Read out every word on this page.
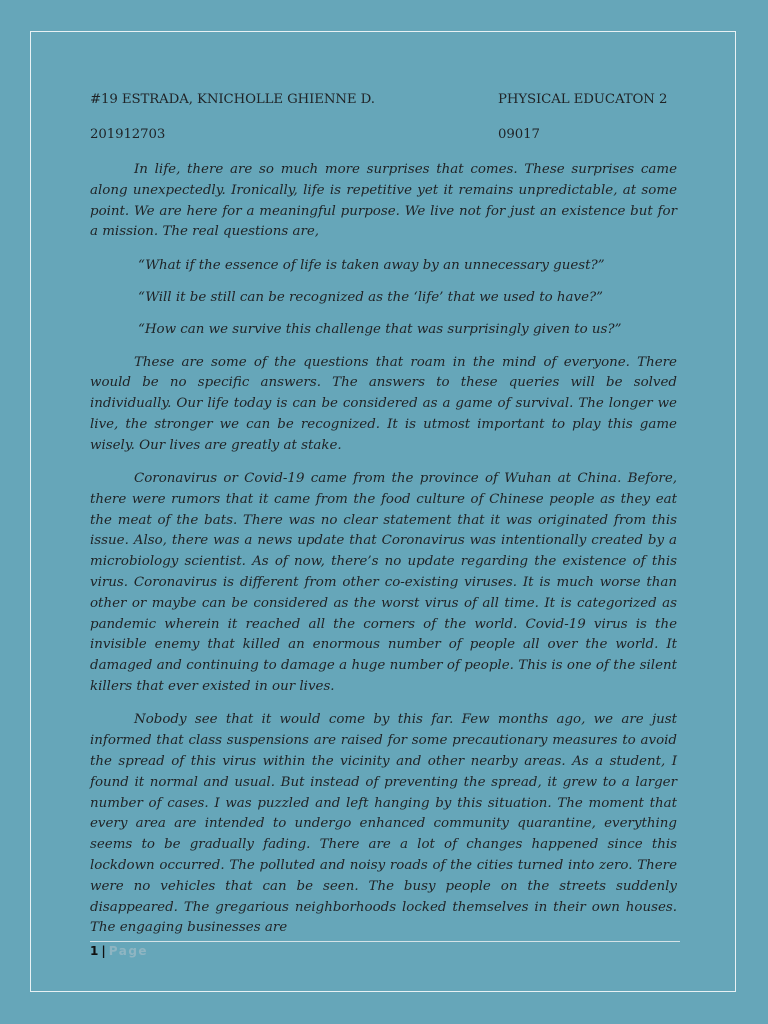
#19 ESTRADA, KNICHOLLE GHIENNE D.	PHYSICAL EDUCATON 2
201912703	09017

In life, there are so much more surprises that comes. These surprises came along unexpectedly. Ironically, life is repetitive yet it remains unpredictable, at some point. We are here for a meaningful purpose. We live not for just an existence but for a mission. The real questions are,

“What if the essence of life is taken away by an unnecessary guest?”

“Will it be still can be recognized as the ‘life’ that we used to have?”

“How can we survive this challenge that was surprisingly given to us?”

These are some of the questions that roam in the mind of everyone. There would be no specific answers. The answers to these queries will be solved individually. Our life today is can be considered as a game of survival. The longer we live, the stronger we can be recognized. It is utmost important to play this game wisely. Our lives are greatly at stake.

Coronavirus or Covid-19 came from the province of Wuhan at China. Before, there were rumors that it came from the food culture of Chinese people as they eat the meat of the bats. There was no clear statement that it was originated from this issue. Also, there was a news update that Coronavirus was intentionally created by a microbiology scientist. As of now, there’s no update regarding the existence of this virus. Coronavirus is different from other co-existing viruses. It is much worse than other or maybe can be considered as the worst virus of all time. It is categorized as pandemic wherein it reached all the corners of the world. Covid-19 virus is the invisible enemy that killed an enormous number of people all over the world. It damaged and continuing to damage a huge number of people. This is one of the silent killers that ever existed in our lives.

Nobody see that it would come by this far. Few months ago, we are just informed that class suspensions are raised for some precautionary measures to avoid the spread of this virus within the vicinity and other nearby areas. As a student, I found it normal and usual. But instead of preventing the spread, it grew to a larger number of cases. I was puzzled and left hanging by this situation. The moment that every area are intended to undergo enhanced community quarantine, everything seems to be gradually fading. There are a lot of changes happened since this lockdown occurred. The polluted and noisy roads of the cities turned into zero. There were no vehicles that can be seen. The busy people on the streets suddenly disappeared. The gregarious neighborhoods locked themselves in their own houses. The engaging businesses are

1 | Page
